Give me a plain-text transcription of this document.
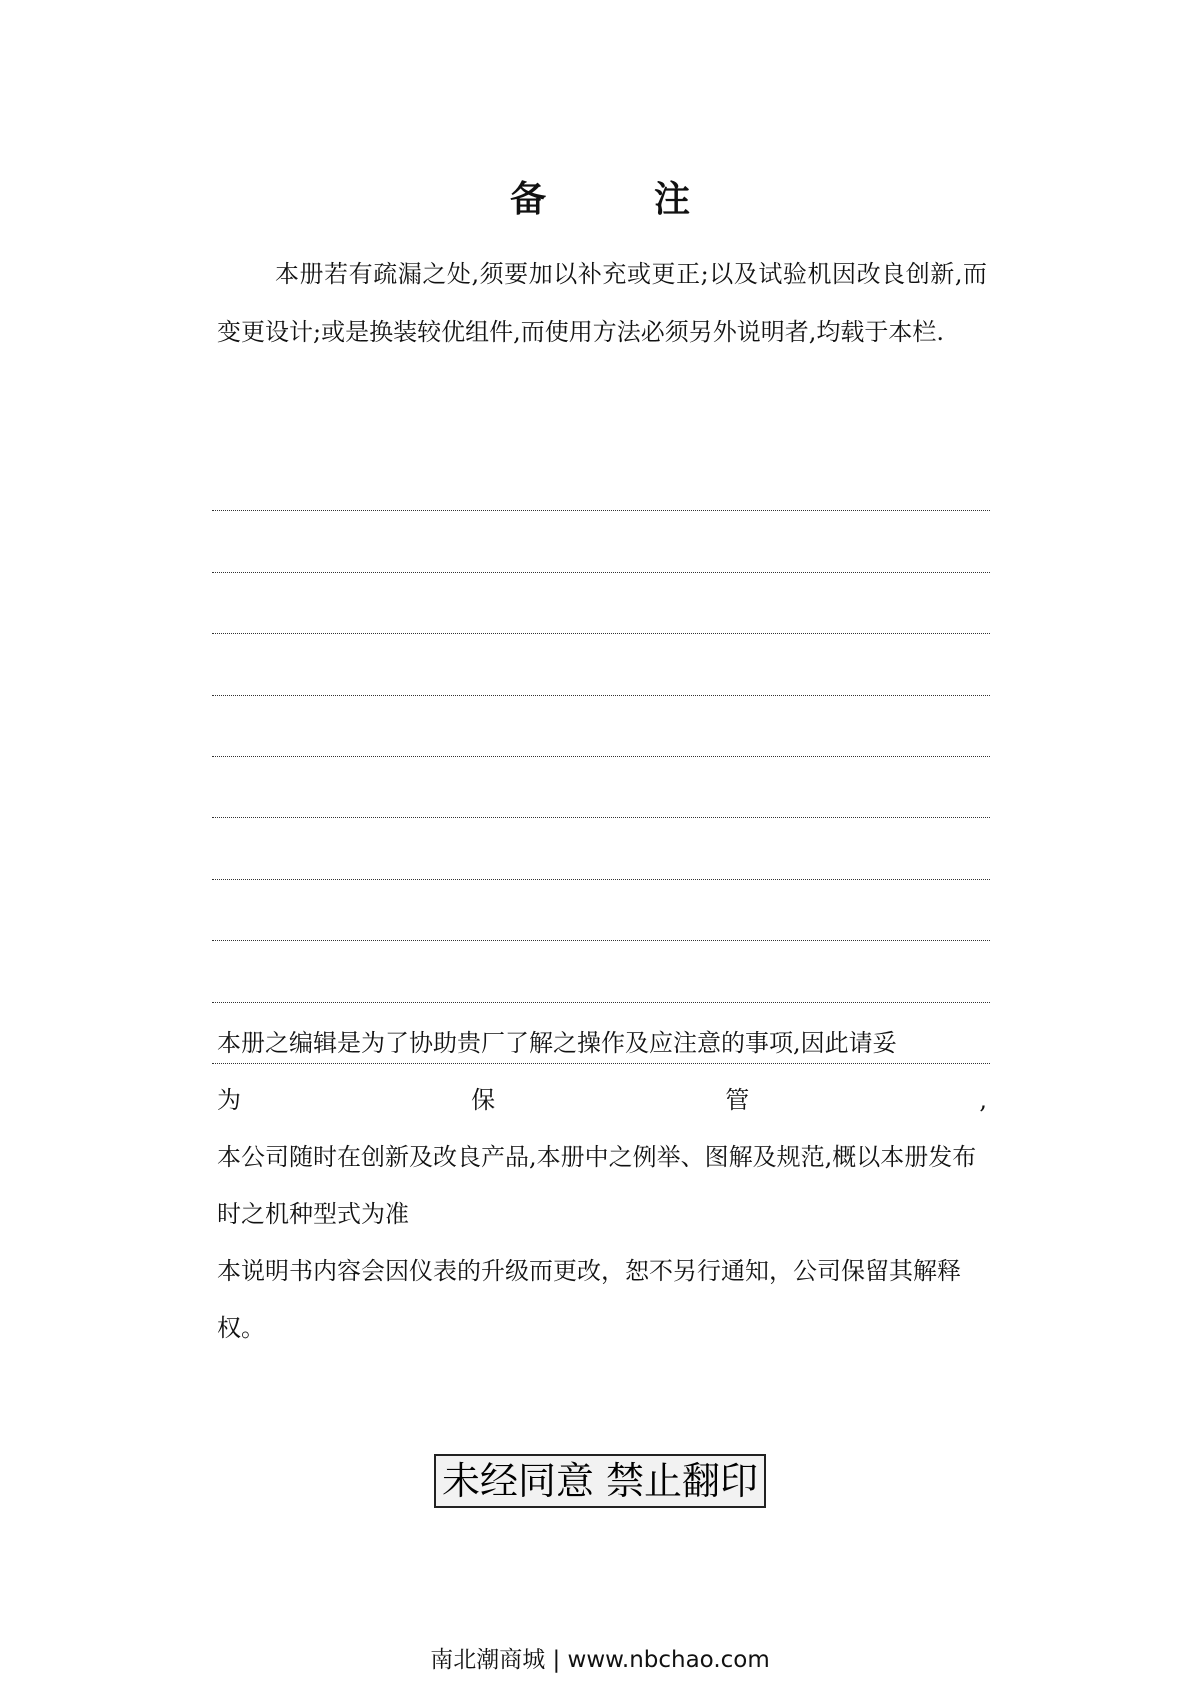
备　注
本册若有疏漏之处,须要加以补充或更正;以及试验机因改良创新,而变更设计;或是换装较优组件,而使用方法必须另外说明者,均载于本栏.

本册之编辑是为了协助贵厂了解之操作及应注意的事项,因此请妥

为	保	管	,

本公司随时在创新及改良产品,本册中之例举、图解及规范,概以本册发布时之机种型式为准

本说明书内容会因仪表的升级而更改，恕不另行通知，公司保留其解释权。

未经同意 禁止翻印
南北潮商城 | www.nbchao.com
